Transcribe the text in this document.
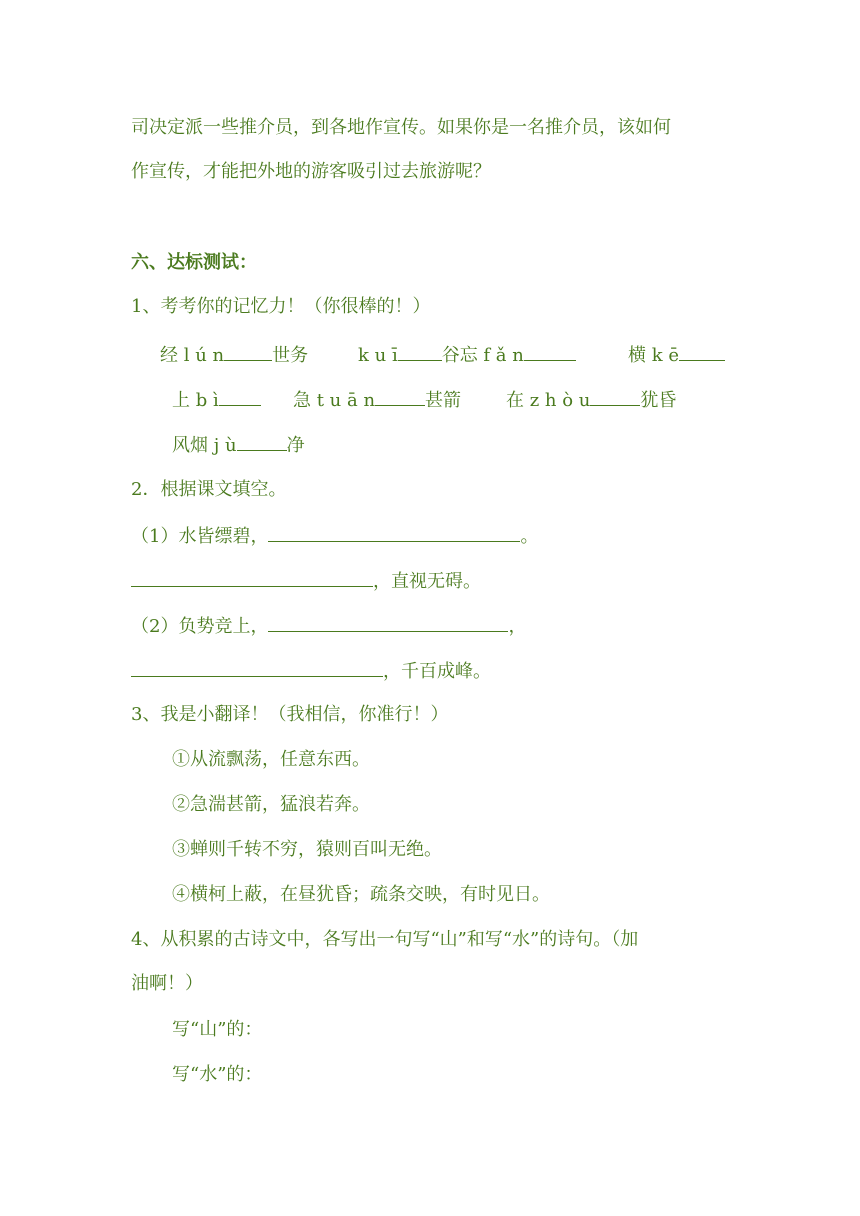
司决定派一些推介员，到各地作宣传。如果你是一名推介员，该如何
作宣传，才能把外地的游客吸引过去旅游呢？
六、达标测试：
1、考考你的记忆力！（你很棒的！）
经 l ú n	世务	k u ī 谷忘 f ǎ n	横 k ē
上 b ì	急 t u ā n	甚箭 在 z h ò u	犹昏
风烟 j ù	净
2．根据课文填空。
（1）水皆缥碧，	。
，直视无碍。
（2）负势竞上，	，
，千百成峰。
3、我是小翻译！（我相信，你准行！）
①从流飘荡，任意东西。
②急湍甚箭，猛浪若奔。
③蝉则千转不穷，猿则百叫无绝。
④横柯上蔽，在昼犹昏；疏条交映，有时见日。
4、从积累的古诗文中，各写出一句写“山”和写“水”的诗句。（加
油啊！）
写“山”的：
写“水”的：
